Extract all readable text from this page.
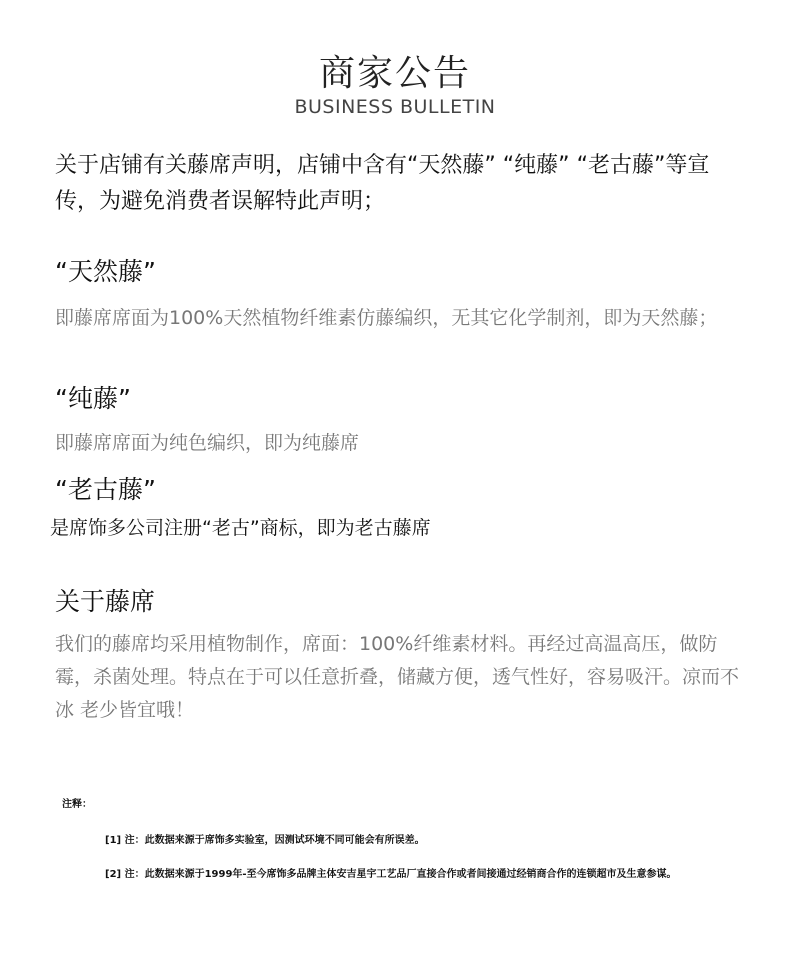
商家公告
BUSINESS BULLETIN
关于店铺有关藤席声明，店铺中含有“天然藤” “纯藤” “老古藤”等宣传，为避免消费者误解特此声明；
“天然藤”
即藤席席面为100%天然植物纤维素仿藤编织，无其它化学制剂，即为天然藤；
“纯藤”
即藤席席面为纯色编织，即为纯藤席
“老古藤”
是席饰多公司注册“老古”商标，即为老古藤席
关于藤席
我们的藤席均采用植物制作，席面：100%纤维素材料。再经过高温高压，做防霉，杀菌处理。特点在于可以任意折叠，储藏方便，透气性好，容易吸汗。凉而不冰 老少皆宜哦！
注释：
[1] 注：此数据来源于席饰多实验室，因测试环境不同可能会有所误差。
[2] 注：此数据来源于1999年-至今席饰多品牌主体安吉星宇工艺品厂直接合作或者间接通过经销商合作的连锁超市及生意参谋。
